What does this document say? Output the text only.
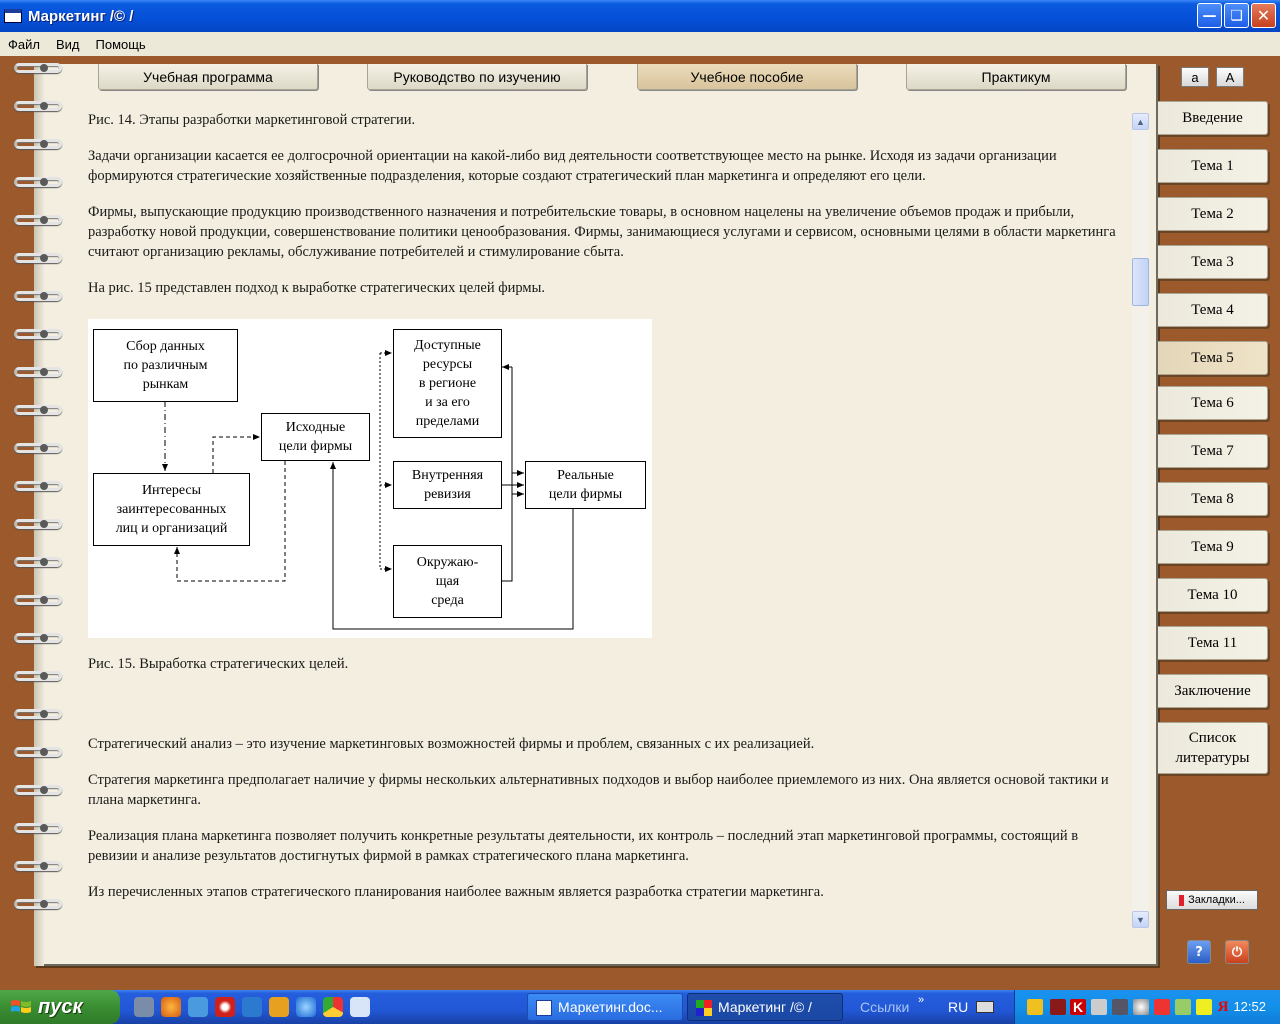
Маркетинг /© /	— ❏ ✕
Файл	Вид	Помощь
Учебная программа	Руководство по изучению	Учебное пособие	Практикум	a	A

Рис. 14. Этапы разработки маркетинговой стратегии.

Задачи организации касается ее долгосрочной ориентации на какой-либо вид деятельности соответствующее место на рынке. Исходя из задачи организации формируются стратегические хозяйственные подразделения, которые создают стратегический план маркетинга и определяют его цели.

Фирмы, выпускающие продукцию производственного назначения и потребительские товары, в основном нацелены на увеличение объемов продаж и прибыли, разработку новой продукции, совершенствование политики ценообразования. Фирмы, занимающиеся услугами и сервисом, основными целями в области маркетинга считают организацию рекламы, обслуживание потребителей и стимулирование сбыта.

На рис. 15 представлен подход к выработке стратегических целей фирмы.

Сбор данных
по различным
рынкам
Интересы
заинтересованных
лиц и организаций
Исходные
цели фирмы
Доступные
ресурсы
в регионе
и за его
пределами
Внутренняя
ревизия
Окружаю-
щая
среда
Реальные
цели фирмы

Рис. 15. Выработка стратегических целей.

Стратегический анализ – это изучение маркетинговых возможностей фирмы и проблем, связанных с их реализацией.

Стратегия маркетинга предполагает наличие у фирмы нескольких альтернативных подходов и выбор наиболее приемлемого из них. Она является основой тактики и плана маркетинга.

Реализация плана маркетинга позволяет получить конкретные результаты деятельности, их контроль – последний этап маркетинговой программы, состоящий в ревизии и анализе результатов достигнутых фирмой в рамках стратегического плана маркетинга.

Из перечисленных этапов стратегического планирования наиболее важным является разработка стратегии маркетинга.

▲
▼
Введение
Тема 1
Тема 2
Тема 3
Тема 4
Тема 5
Тема 6
Тема 7
Тема 8
Тема 9
Тема 10
Тема 11
Заключение
Список
литературы
Закладки...
? ⏻
пуск	Маркетинг.doc...	Маркетинг /© /	Ссылки » RU	K	Я 12:52
